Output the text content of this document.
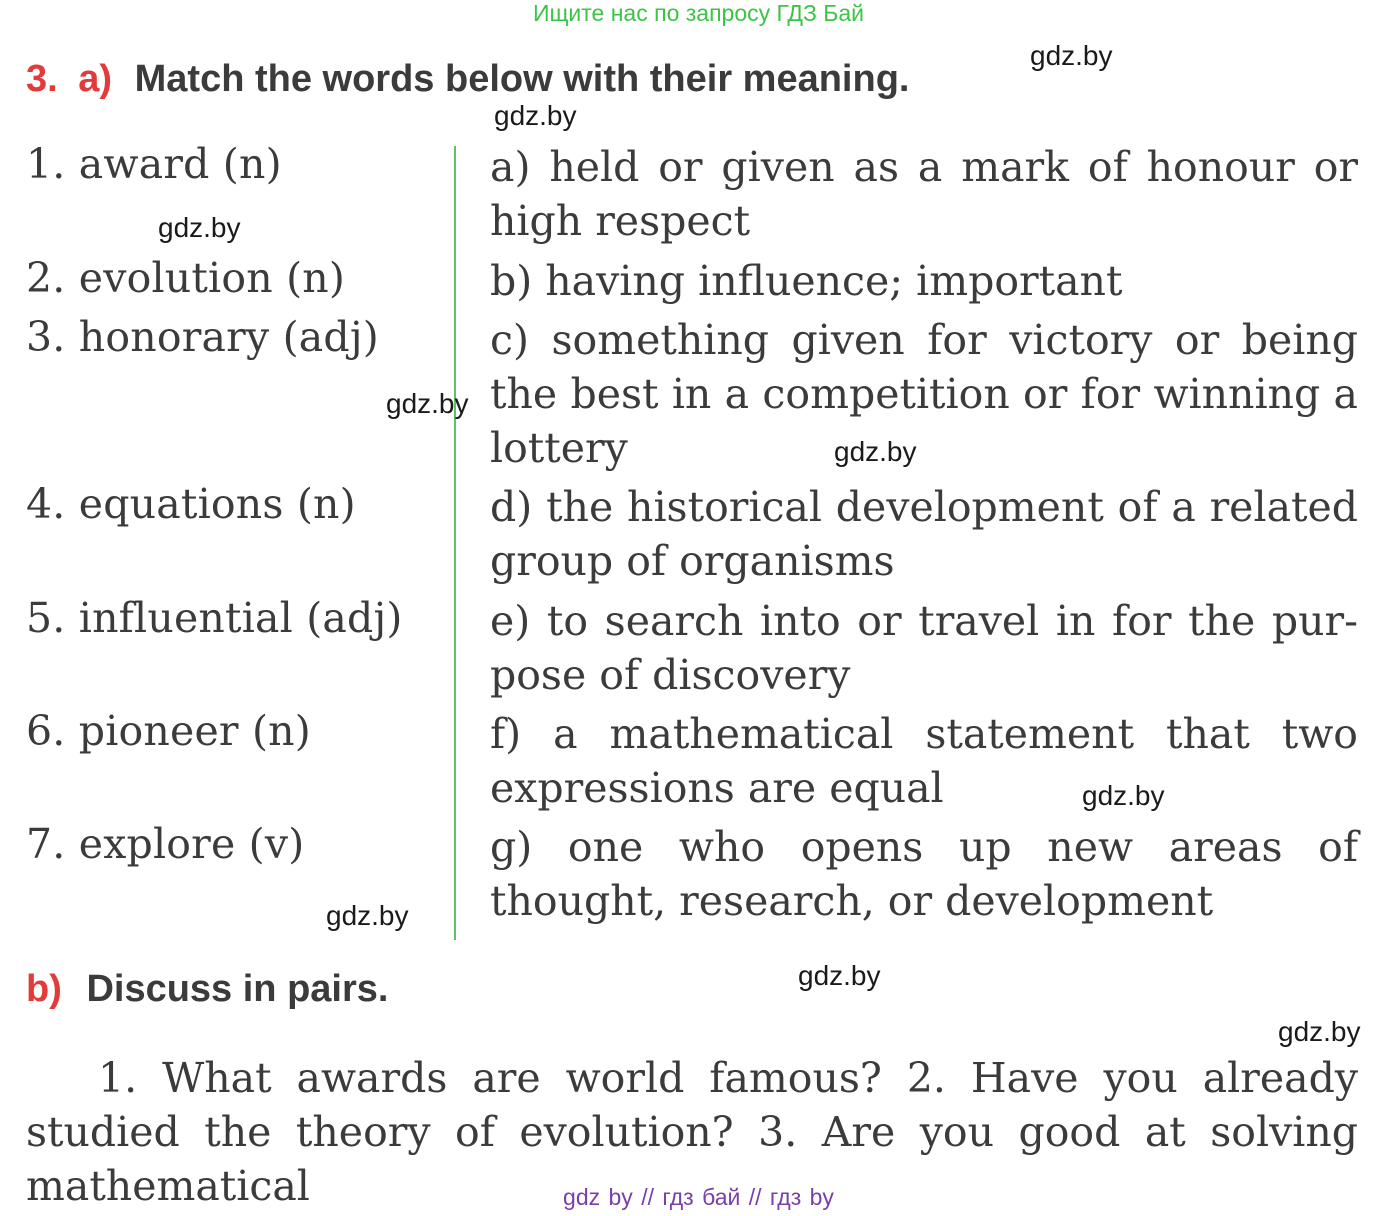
Ищите нас по запросу ГДЗ Бай
3. a) Match the words below with their meaning.
1. award (n)
2. evolution (n)
3. honorary (adj)
4. equations (n)
5. influential (adj)
6. pioneer (n)
7. explore (v)
a) held or given as a mark of honour or high respect
b) having influence; important
c) something given for victory or being the best in a competition or for winning a lottery
d) the historical development of a related group of organisms
e) to search into or travel in for the pur-pose of discovery
f) a mathematical statement that two expressions are equal
g) one who opens up new areas of thought, research, or development
b) Discuss in pairs.
1. What awards are world famous? 2. Have you already studied the theory of evolution? 3. Are you good at solving mathematical
gdz.by
gdz.by
gdz.by
gdz.by
gdz.by
gdz.by
gdz.by
gdz.by
gdz.by
gdz by // гдз бай // гдз by
